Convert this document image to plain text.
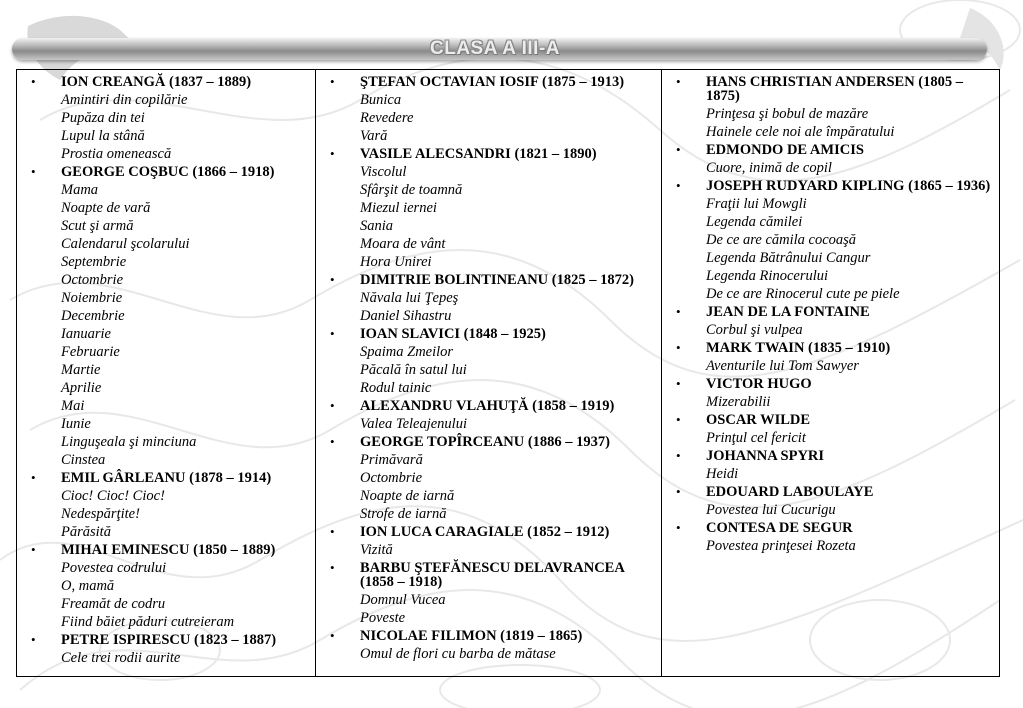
CLASA A III-A
• ION CREANGĂ (1837 – 1889)
Amintiri din copilărie
Pupăza din tei
Lupul la stână
Prostia omenească
• GEORGE COŞBUC (1866 – 1918)
Mama
Noapte de vară
Scut şi armă
Calendarul şcolarului
Septembrie
Octombrie
Noiembrie
Decembrie
Ianuarie
Februarie
Martie
Aprilie
Mai
Iunie
Linguşeala şi minciuna
Cinstea
• EMIL GÂRLEANU (1878 – 1914)
Cioc! Cioc! Cioc!
Nedespărţite!
Părăsită
• MIHAI EMINESCU (1850 – 1889)
Povestea codrului
O, mamă
Freamăt de codru
Fiind băiet păduri cutreieram
• PETRE ISPIRESCU (1823 – 1887)
Cele trei rodii aurite

• ŞTEFAN OCTAVIAN IOSIF (1875 – 1913)
Bunica
Revedere
Vară
• VASILE ALECSANDRI (1821 – 1890)
Viscolul
Sfârşit de toamnă
Miezul iernei
Sania
Moara de vânt
Hora Unirei
• DIMITRIE BOLINTINEANU (1825 – 1872)
Năvala lui Ţepeş
Daniel Sihastru
• IOAN SLAVICI (1848 – 1925)
Spaima Zmeilor
Păcală în satul lui
Rodul tainic
• ALEXANDRU VLAHUŢĂ (1858 – 1919)
Valea Teleajenului
• GEORGE TOPÎRCEANU (1886 – 1937)
Primăvară
Octombrie
Noapte de iarnă
Strofe de iarnă
• ION LUCA CARAGIALE (1852 – 1912)
Vizită
• BARBU ŞTEFĂNESCU DELAVRANCEA (1858 – 1918)
Domnul Vucea
Poveste
• NICOLAE FILIMON (1819 – 1865)
Omul de flori cu barba de mătase

• HANS CHRISTIAN ANDERSEN (1805 – 1875)
Prinţesa şi bobul de mazăre
Hainele cele noi ale împăratului
• EDMONDO DE AMICIS
Cuore, inimă de copil
• JOSEPH RUDYARD KIPLING (1865 – 1936)
Fraţii lui Mowgli
Legenda cămilei
De ce are cămila cocoaşă
Legenda Bătrânului Cangur
Legenda Rinocerului
De ce are Rinocerul cute pe piele
• JEAN DE LA FONTAINE
Corbul şi vulpea
• MARK TWAIN (1835 – 1910)
Aventurile lui Tom Sawyer
• VICTOR HUGO
Mizerabilii
• OSCAR WILDE
Prinţul cel fericit
• JOHANNA SPYRI
Heidi
• EDOUARD LABOULAYE
Povestea lui Cucurigu
• CONTESA DE SEGUR
Povestea prinţesei Rozeta
